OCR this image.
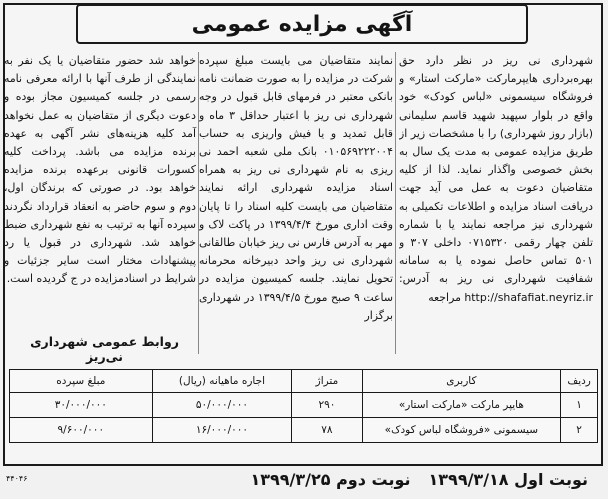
آگهی مزایده عمومی

شهرداری نی ریز در نظر دارد حق بهره‌برداری هایپرمارکت «مارکت استار» و فروشگاه سیسمونی «لباس کودک» خود واقع در بلوار سپهبد شهید قاسم سلیمانی (بازار روز شهرداری) را با مشخصات زیر از طریق مزایده عمومی به مدت یک سال به بخش خصوصی واگذار نماید. لذا از کلیه متقاضیان دعوت به عمل می آید جهت دریافت اسناد مزایده و اطلاعات تکمیلی به شهرداری نیز مراجعه نمایند یا با شماره تلفن چهار رقمی ۰۷۱۵۳۲۰ داخلی ۳۰۷ و ۵۰۱ تماس حاصل نموده یا به سامانه شفافیت شهرداری نی ریز به آدرس: http://shafafiat.neyriz.ir مراجعه

نمایند متقاضیان می بایست مبلغ سپرده شرکت در مزایده را به صورت ضمانت نامه بانکی معتبر در فرمهای قابل قبول در وجه شهرداری نی ریز با اعتبار حداقل ۳ ماه و قابل تمدید و یا فیش واریزی به حساب ۰۱۰۵۶۹۲۲۲۰۰۴ بانک ملی شعبه احمد نی ریزی به نام شهرداری نی ریز به همراه اسناد مزایده شهرداری ارائه نمایند متقاضیان می بایست کلیه اسناد را تا پایان وقت اداری مورخ ۱۳۹۹/۴/۴ در پاکت لاک و مهر به آدرس فارس نی ریز خیابان طالقانی شهرداری نی ریز واحد دبیرخانه محرمانه تحویل نمایند. جلسه کمیسیون مزایده در ساعت ۹ صبح مورخ ۱۳۹۹/۴/۵ در شهرداری برگزار

خواهد شد حضور متقاضیان یا یک نفر به نمایندگی از طرف آنها با ارائه معرفی نامه رسمی در جلسه کمیسیون مجاز بوده و دعوت دیگری از متقاضیان به عمل نخواهد آمد کلیه هزینه‌های نشر آگهی به عهده برنده مزایده می باشد. پرداخت کلیه کسورات قانونی برعهده برنده مزایده خواهد بود. در صورتی که برندگان اول، دوم و سوم حاضر به انعقاد قرارداد نگردند سپرده آنها به ترتیب به نفع شهرداری ضبط خواهد شد. شهرداری در قبول یا رد پیشنهادات مختار است سایر جزئیات و شرایط در اسنادمزایده در ج گردیده است.

روابط عمومی شهرداری نی‌ریز
ردیف	کاربری	متراژ	اجاره ماهیانه (ریال)	مبلغ سپرده
۱	هایپر مارکت «مارکت استار»	۲۹۰	۵۰/۰۰۰/۰۰۰	۳۰/۰۰۰/۰۰۰
۲	سیسمونی «فروشگاه لباس کودک»	۷۸	۱۶/۰۰۰/۰۰۰	۹/۶۰۰/۰۰۰
نوبت اول ۱۳۹۹/۳/۱۸
نوبت دوم ۱۳۹۹/۳/۲۵
۴۴۰۴۶
